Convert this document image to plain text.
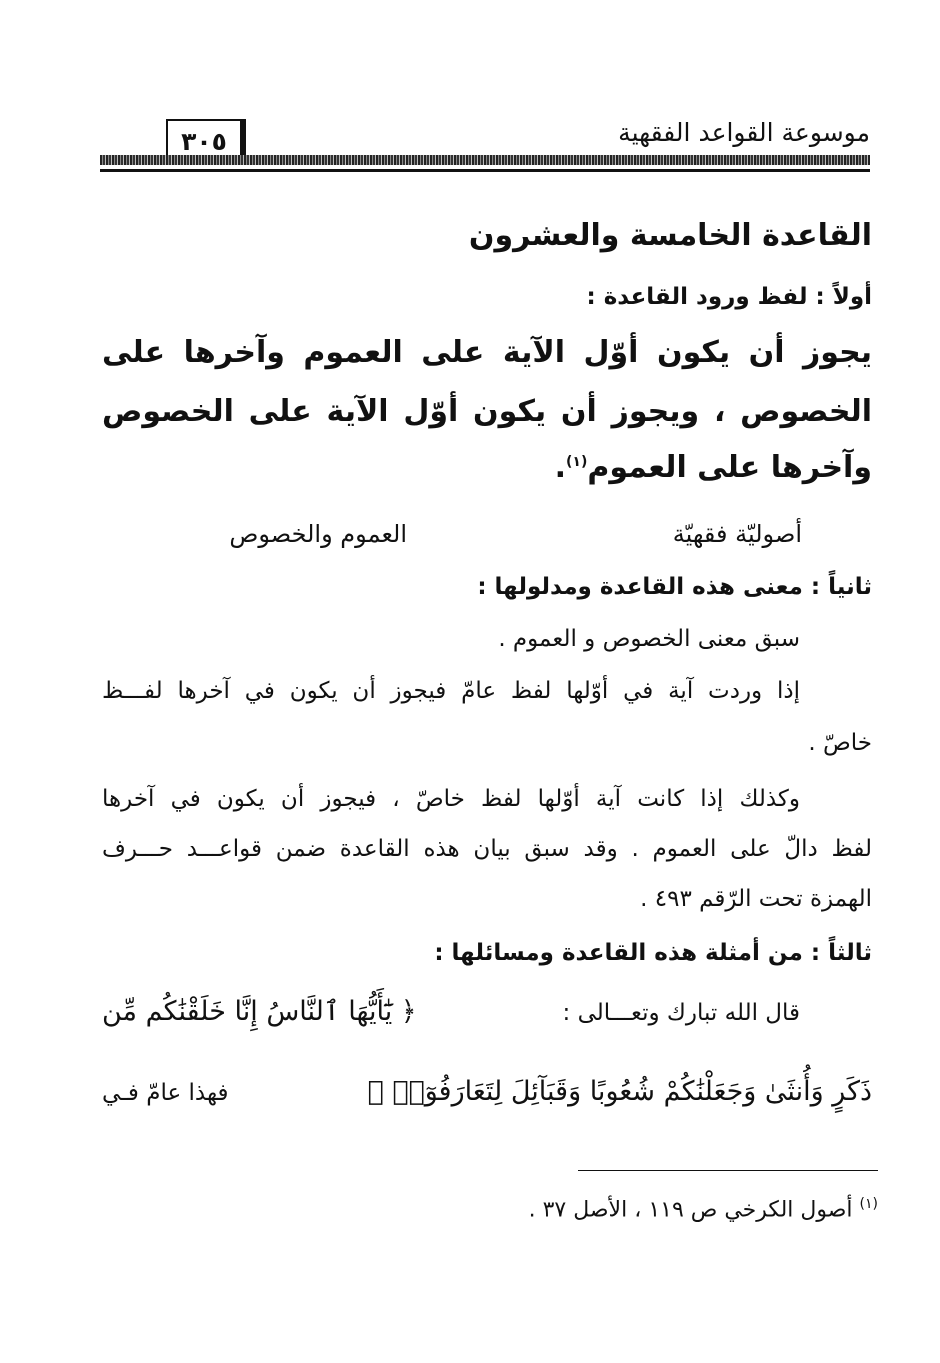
موسوعة القواعد الفقهية
٣٠٥
القاعدة الخامسة والعشرون
أولاً : لفظ ورود القاعدة :
يجوز أن يكون أوّل الآية على العموم وآخرها على
الخصوص ، ويجوز أن يكون أوّل الآية على الخصوص
وآخرها على العموم$^{(١)}$.
أصوليّة فقهيّة
العموم والخصوص
ثانياً : معنى هذه القاعدة ومدلولها :
سبق معنى الخصوص و العموم .
إذا وردت آية في أوّلها لفظ عامّ فيجوز أن يكون في آخرها لفـــظ
خاصّ .
وكذلك إذا كانت آية أوّلها لفظ خاصّ ، فيجوز أن يكون في آخرها
لفظ دالّ على العموم . وقد سبق بيان هذه القاعدة ضمن قواعـــد حـــرف
الهمزة تحت الرّقم ٤٩٣ .
ثالثاً : من أمثلة هذه القاعدة ومسائلها :
قال الله تبارك وتعـــالى :
﴿ يَٰٓأَيُّهَا ٱلنَّاسُ إِنَّا خَلَقْنَٰكُم مِّن
ذَكَرٍ وَأُنثَىٰ وَجَعَلْنَٰكُمْ شُعُوبًا وَقَبَآئِلَ لِتَعَارَفُوٓا۟ ﴾
فهذا عامّ فـي
$^{(١)}$ أصول الكرخي ص ١١٩ ، الأصل ٣٧ .
